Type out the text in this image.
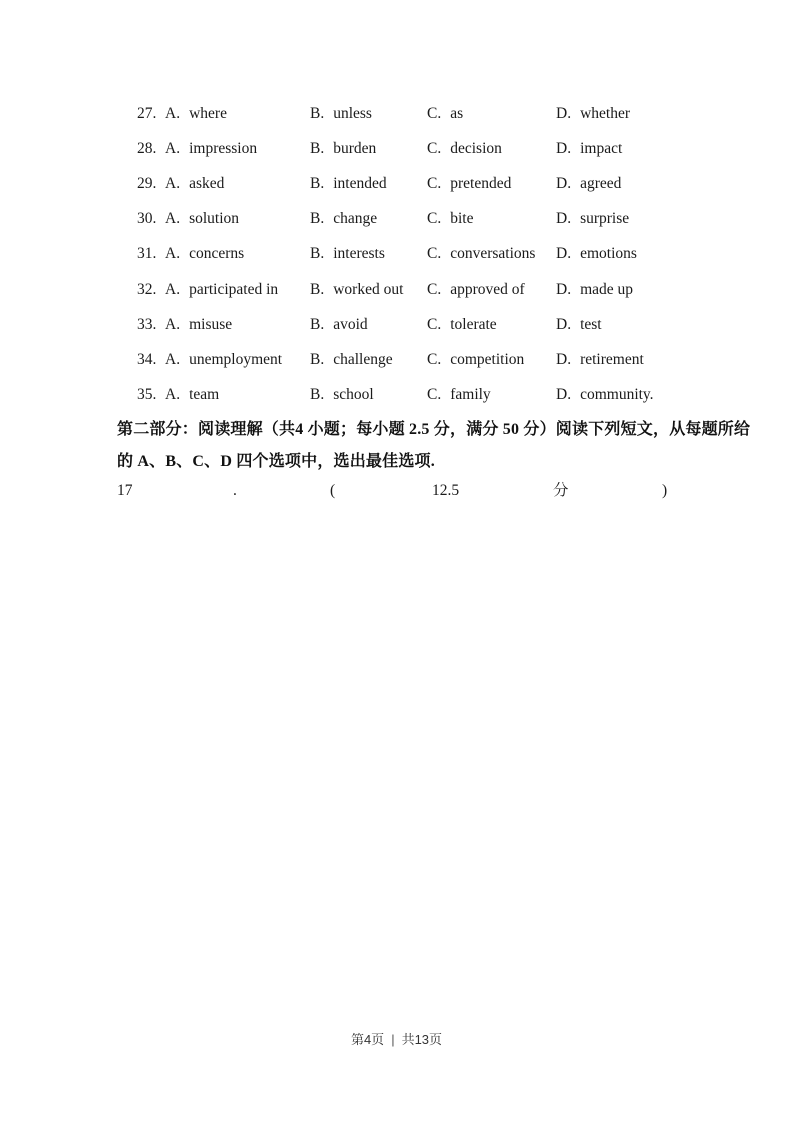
27. A. where	B. unless	C. as	D. whether
28. A. impression	B. burden	C. decision	D. impact
29. A. asked	B. intended	C. pretended	D. agreed
30. A. solution	B. change	C. bite	D. surprise
31. A. concerns	B. interests	C. conversations	D. emotions
32. A. participated in	B. worked out	C. approved of	D. made up
33. A. misuse	B. avoid	C. tolerate	D. test
34. A. unemployment	B. challenge	C. competition	D. retirement
35. A. team	B. school	C. family	D. community.
第二部分：阅读理解（共4 小题；每小题 2.5 分，满分 50 分）阅读下列短文，从每题所给
的 A、B、C、D 四个选项中，选出最佳选项.
17	.	(	12.5	分	)
第4页 | 共13页
